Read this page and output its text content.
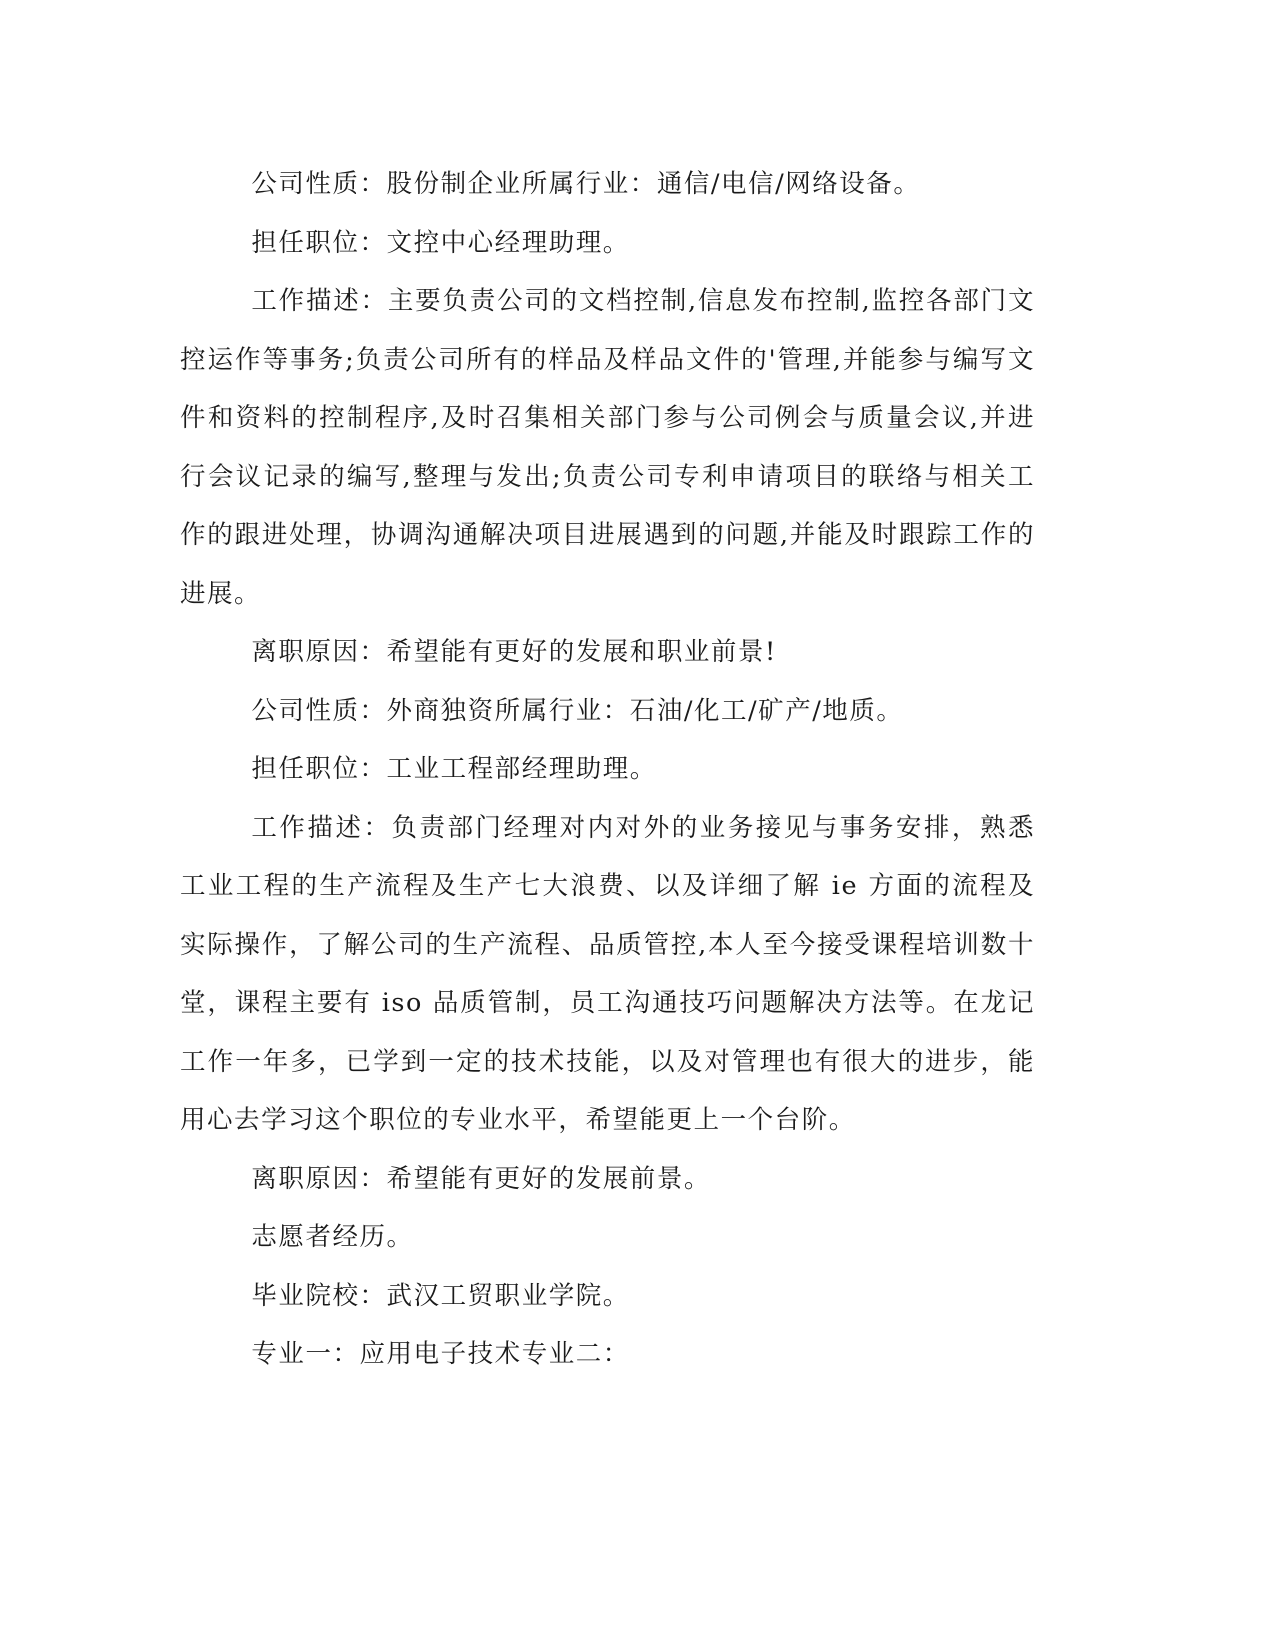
公司性质：股份制企业所属行业：通信/电信/网络设备。

担任职位：文控中心经理助理。

工作描述：主要负责公司的文档控制,信息发布控制,监控各部门文控运作等事务;负责公司所有的样品及样品文件的'管理,并能参与编写文件和资料的控制程序,及时召集相关部门参与公司例会与质量会议,并进行会议记录的编写,整理与发出;负责公司专利申请项目的联络与相关工作的跟进处理，协调沟通解决项目进展遇到的问题,并能及时跟踪工作的进展。

离职原因：希望能有更好的发展和职业前景!

公司性质：外商独资所属行业：石油/化工/矿产/地质。

担任职位：工业工程部经理助理。

工作描述：负责部门经理对内对外的业务接见与事务安排，熟悉工业工程的生产流程及生产七大浪费、以及详细了解 ie 方面的流程及实际操作，了解公司的生产流程、品质管控,本人至今接受课程培训数十堂，课程主要有 iso 品质管制，员工沟通技巧问题解决方法等。在龙记工作一年多，已学到一定的技术技能，以及对管理也有很大的进步，能用心去学习这个职位的专业水平，希望能更上一个台阶。

离职原因：希望能有更好的发展前景。

志愿者经历。

毕业院校：武汉工贸职业学院。

专业一：应用电子技术专业二：
